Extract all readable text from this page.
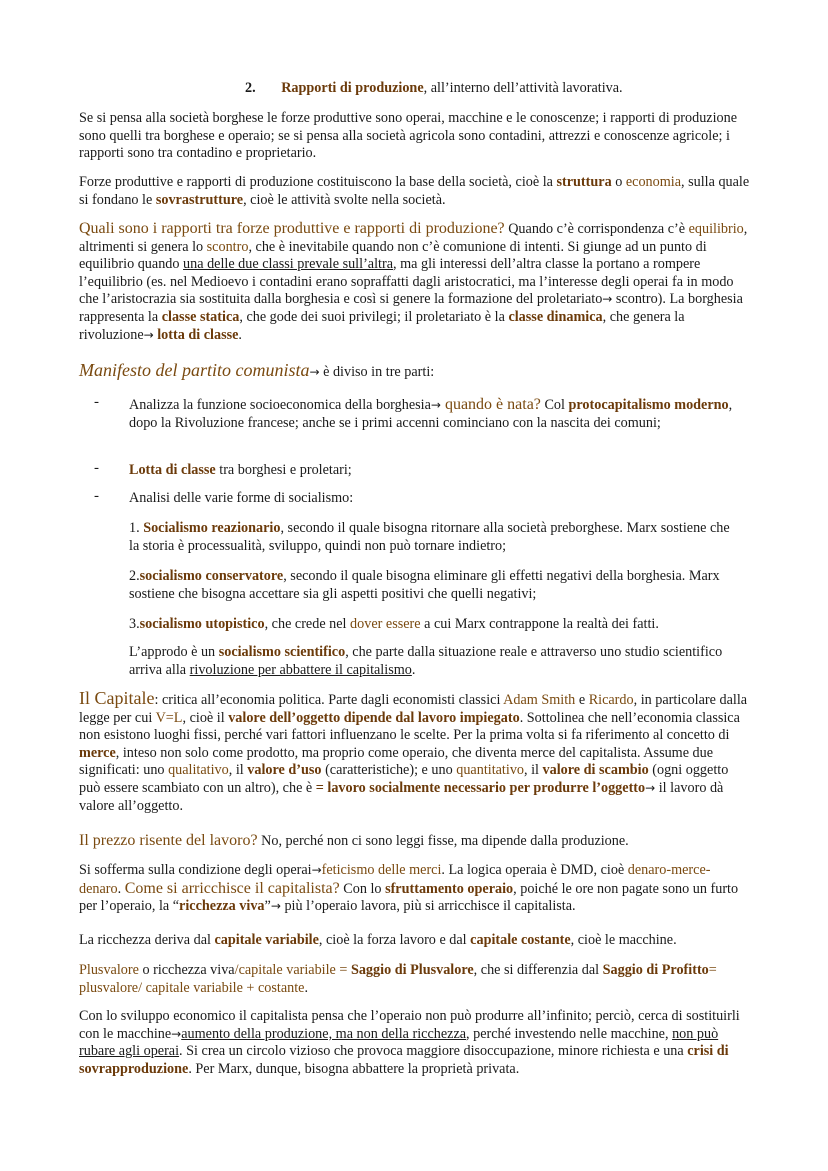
2. Rapporti di produzione, all’interno dell’attività lavorativa.
Se si pensa alla società borghese le forze produttive sono operai, macchine e le conoscenze; i rapporti di produzione sono quelli tra borghese e operaio; se si pensa alla società agricola sono contadini, attrezzi e conoscenze agricole; i rapporti sono tra contadino e proprietario.
Forze produttive e rapporti di produzione costituiscono la base della società, cioè la struttura o economia, sulla quale si fondano le sovrastrutture, cioè le attività svolte nella società.
Quali sono i rapporti tra forze produttive e rapporti di produzione? Quando c’è corrispondenza c’è equilibrio, altrimenti si genera lo scontro, che è inevitabile quando non c’è comunione di intenti. Si giunge ad un punto di equilibrio quando una delle due classi prevale sull’altra, ma gli interessi dell’altra classe la portano a rompere l’equilibrio (es. nel Medioevo i contadini erano sopraffatti dagli aristocratici, ma l’interesse degli operai fa in modo che l’aristocrazia sia sostituita dalla borghesia e così si genere la formazione del proletariato→ scontro). La borghesia rappresenta la classe statica, che gode dei suoi privilegi; il proletariato è la classe dinamica, che genera la rivoluzione→ lotta di classe.
Manifesto del partito comunista→ è diviso in tre parti:
- Analizza la funzione socioeconomica della borghesia→ quando è nata? Col protocapitalismo moderno, dopo la Rivoluzione francese; anche se i primi accenni cominciano con la nascita dei comuni;
- Lotta di classe tra borghesi e proletari;
- Analisi delle varie forme di socialismo:
1. Socialismo reazionario, secondo il quale bisogna ritornare alla società preborghese. Marx sostiene che la storia è processualità, sviluppo, quindi non può tornare indietro;
2.socialismo conservatore, secondo il quale bisogna eliminare gli effetti negativi della borghesia. Marx sostiene che bisogna accettare sia gli aspetti positivi che quelli negativi;
3.socialismo utopistico, che crede nel dover essere a cui Marx contrappone la realtà dei fatti.
L’approdo è un socialismo scientifico, che parte dalla situazione reale e attraverso uno studio scientifico arriva alla rivoluzione per abbattere il capitalismo.
Il Capitale: critica all’economia politica. Parte dagli economisti classici Adam Smith e Ricardo, in particolare dalla legge per cui V=L, cioè il valore dell’oggetto dipende dal lavoro impiegato. Sottolinea che nell’economia classica non esistono luoghi fissi, perché vari fattori influenzano le scelte. Per la prima volta si fa riferimento al concetto di merce, inteso non solo come prodotto, ma proprio come operaio, che diventa merce del capitalista. Assume due significati: uno qualitativo, il valore d’uso (caratteristiche); e uno quantitativo, il valore di scambio (ogni oggetto può essere scambiato con un altro), che è = lavoro socialmente necessario per produrre l’oggetto→ il lavoro dà valore all’oggetto.
Il prezzo risente del lavoro? No, perché non ci sono leggi fisse, ma dipende dalla produzione.
Si sofferma sulla condizione degli operai→feticismo delle merci. La logica operaia è DMD, cioè denaro-merce-denaro. Come si arricchisce il capitalista? Con lo sfruttamento operaio, poiché le ore non pagate sono un furto per l’operaio, la “ricchezza viva”→ più l’operaio lavora, più si arricchisce il capitalista.
La ricchezza deriva dal capitale variabile, cioè la forza lavoro e dal capitale costante, cioè le macchine.
Plusvalore o ricchezza viva/capitale variabile = Saggio di Plusvalore, che si differenzia dal Saggio di Profitto= plusvalore/ capitale variabile + costante.
Con lo sviluppo economico il capitalista pensa che l’operaio non può produrre all’infinito; perciò, cerca di sostituirli con le macchine→aumento della produzione, ma non della ricchezza, perché investendo nelle macchine, non può rubare agli operai. Si crea un circolo vizioso che provoca maggiore disoccupazione, minore richiesta e una crisi di sovrapproduzione. Per Marx, dunque, bisogna abbattere la proprietà privata.
